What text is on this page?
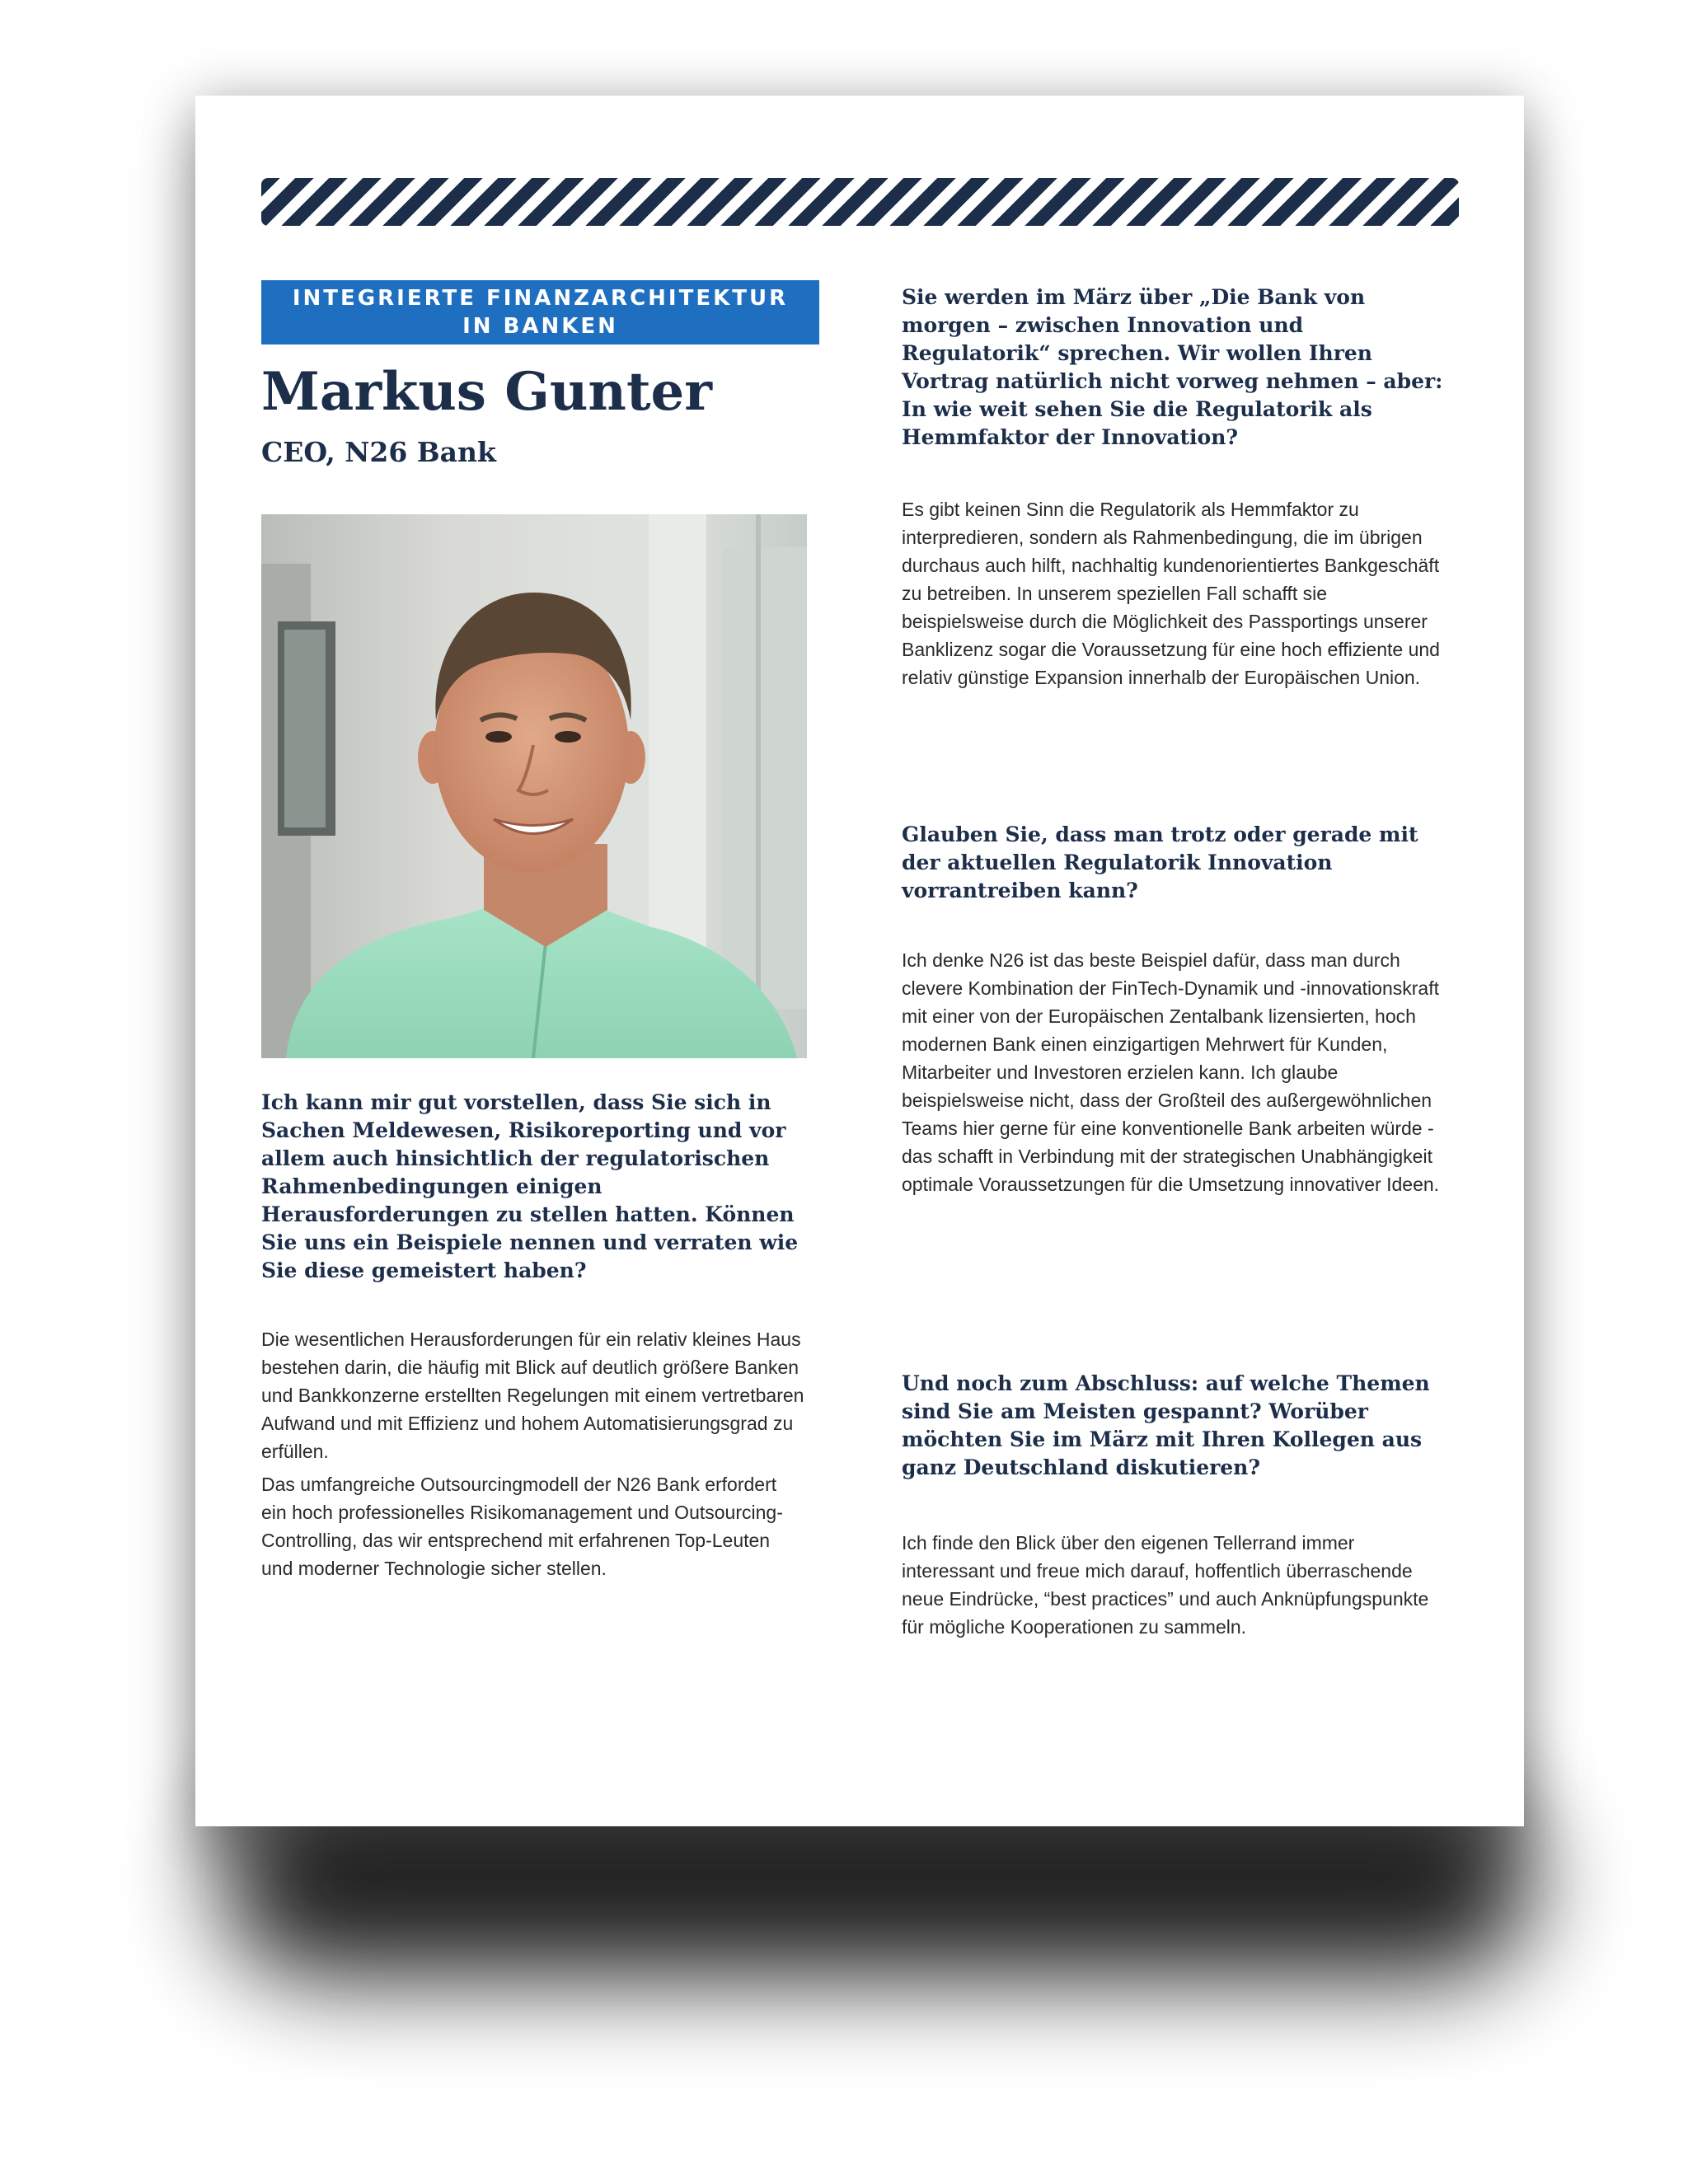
INTEGRIERTE FINANZARCHITEKTUR
IN BANKEN
Markus Gunter
CEO, N26 Bank

Ich kann mir gut vorstellen, dass Sie sich in Sachen Meldewesen, Risikoreporting und vor allem auch hinsichtlich der regulatorischen Rahmenbedingungen einigen Herausforderungen zu stellen hatten. Können Sie uns ein Beispiele nennen und verraten wie Sie diese gemeistert haben?

Die wesentlichen Herausforderungen für ein relativ kleines Haus bestehen darin, die häufig mit Blick auf deutlich größere Banken und Bankkonzerne erstellten Regelungen mit einem vertretbaren Aufwand und mit Effizienz und hohem Automatisierungsgrad zu erfüllen.

Das umfangreiche Outsourcingmodell der N26 Bank erfordert ein hoch professionelles Risikomanagement und Outsourcing-Controlling, das wir entsprechend mit erfahrenen Top-Leuten und moderner Technologie sicher stellen.

Sie werden im März über „Die Bank von morgen – zwischen Innovation und Regulatorik“ sprechen. Wir wollen Ihren Vortrag natürlich nicht vorweg nehmen – aber: In wie weit sehen Sie die Regulatorik als Hemmfaktor der Innovation?

Es gibt keinen Sinn die Regulatorik als Hemmfaktor zu interpredieren, sondern als Rahmenbedingung, die im übrigen durchaus auch hilft, nachhaltig kundenorientiertes Bankgeschäft zu betreiben. In unserem speziellen Fall schafft sie beispielsweise durch die Möglichkeit des Passportings unserer Banklizenz sogar die Voraussetzung für eine hoch effiziente und relativ günstige Expansion innerhalb der Europäischen Union.

Glauben Sie, dass man trotz oder gerade mit der aktuellen Regulatorik Innovation vorrantreiben kann?

Ich denke N26 ist das beste Beispiel dafür, dass man durch clevere Kombination der FinTech-Dynamik und -innovationskraft mit einer von der Europäischen Zentalbank lizensierten, hoch modernen Bank einen einzigartigen Mehrwert für Kunden, Mitarbeiter und Investoren erzielen kann. Ich glaube beispielsweise nicht, dass der Großteil des außergewöhnlichen Teams hier gerne für eine konventionelle Bank arbeiten würde - das schafft in Verbindung mit der strategischen Unabhängigkeit optimale Voraussetzungen für die Umsetzung innovativer Ideen.

Und noch zum Abschluss: auf welche Themen sind Sie am Meisten gespannt? Worüber möchten Sie im März mit Ihren Kollegen aus ganz Deutschland diskutieren?

Ich finde den Blick über den eigenen Tellerrand immer interessant und freue mich darauf, hoffentlich überraschende neue Eindrücke, “best practices” und auch Anknüpfungspunkte für mögliche Kooperationen zu sammeln.
